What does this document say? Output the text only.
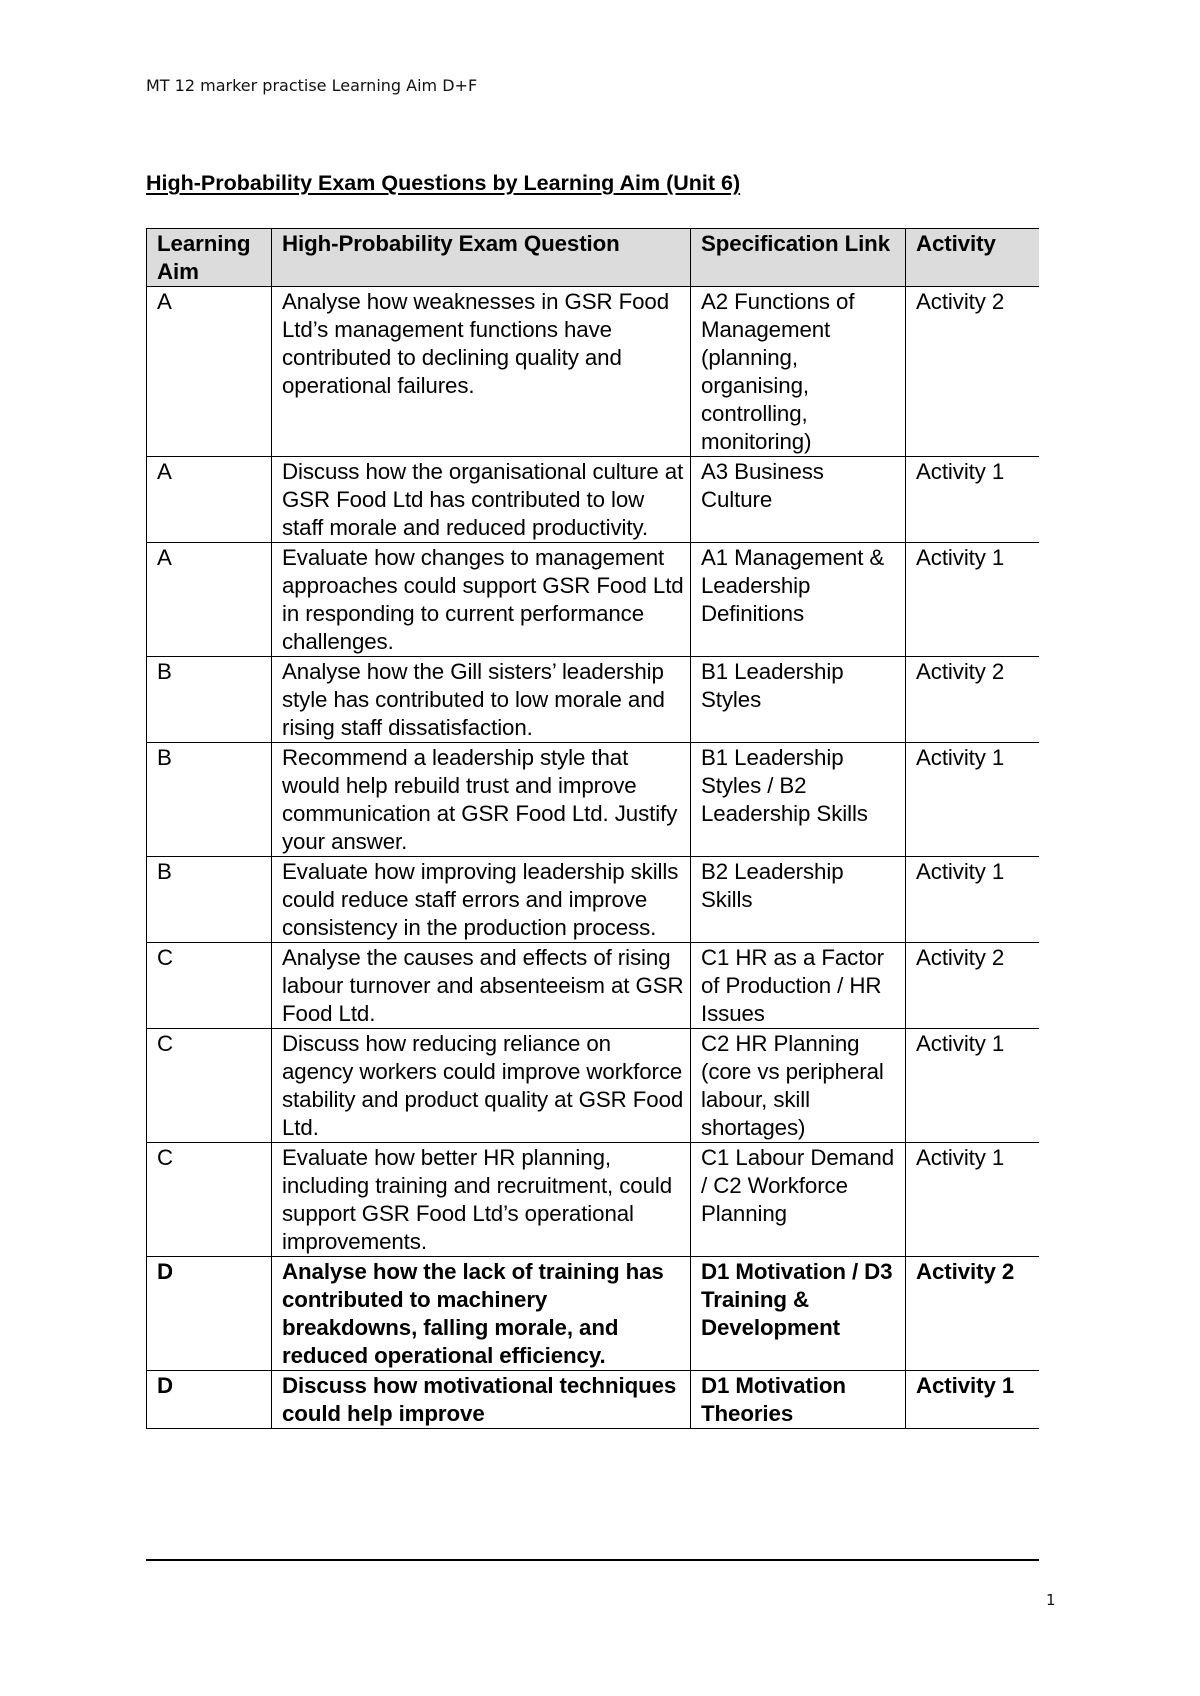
MT 12 marker practise Learning Aim D+F
High-Probability Exam Questions by Learning Aim (Unit 6)
Learning Aim	High-Probability Exam Question	Specification Link	Activity
A	Analyse how weaknesses in GSR Food Ltd’s management functions have contributed to declining quality and operational failures.	A2 Functions of Management (planning, organising, controlling, monitoring)	Activity 2
A	Discuss how the organisational culture at GSR Food Ltd has contributed to low staff morale and reduced productivity.	A3 Business Culture	Activity 1
A	Evaluate how changes to management approaches could support GSR Food Ltd in responding to current performance challenges.	A1 Management & Leadership Definitions	Activity 1
B	Analyse how the Gill sisters’ leadership style has contributed to low morale and rising staff dissatisfaction.	B1 Leadership Styles	Activity 2
B	Recommend a leadership style that would help rebuild trust and improve communication at GSR Food Ltd. Justify your answer.	B1 Leadership Styles / B2 Leadership Skills	Activity 1
B	Evaluate how improving leadership skills could reduce staff errors and improve consistency in the production process.	B2 Leadership Skills	Activity 1
C	Analyse the causes and effects of rising labour turnover and absenteeism at GSR Food Ltd.	C1 HR as a Factor of Production / HR Issues	Activity 2
C	Discuss how reducing reliance on agency workers could improve workforce stability and product quality at GSR Food Ltd.	C2 HR Planning (core vs peripheral labour, skill shortages)	Activity 1
C	Evaluate how better HR planning, including training and recruitment, could support GSR Food Ltd’s operational improvements.	C1 Labour Demand / C2 Workforce Planning	Activity 1
D	Analyse how the lack of training has contributed to machinery breakdowns, falling morale, and reduced operational efficiency.	D1 Motivation / D3 Training & Development	Activity 2
D	Discuss how motivational techniques could help improve	D1 Motivation Theories	Activity 1
1
